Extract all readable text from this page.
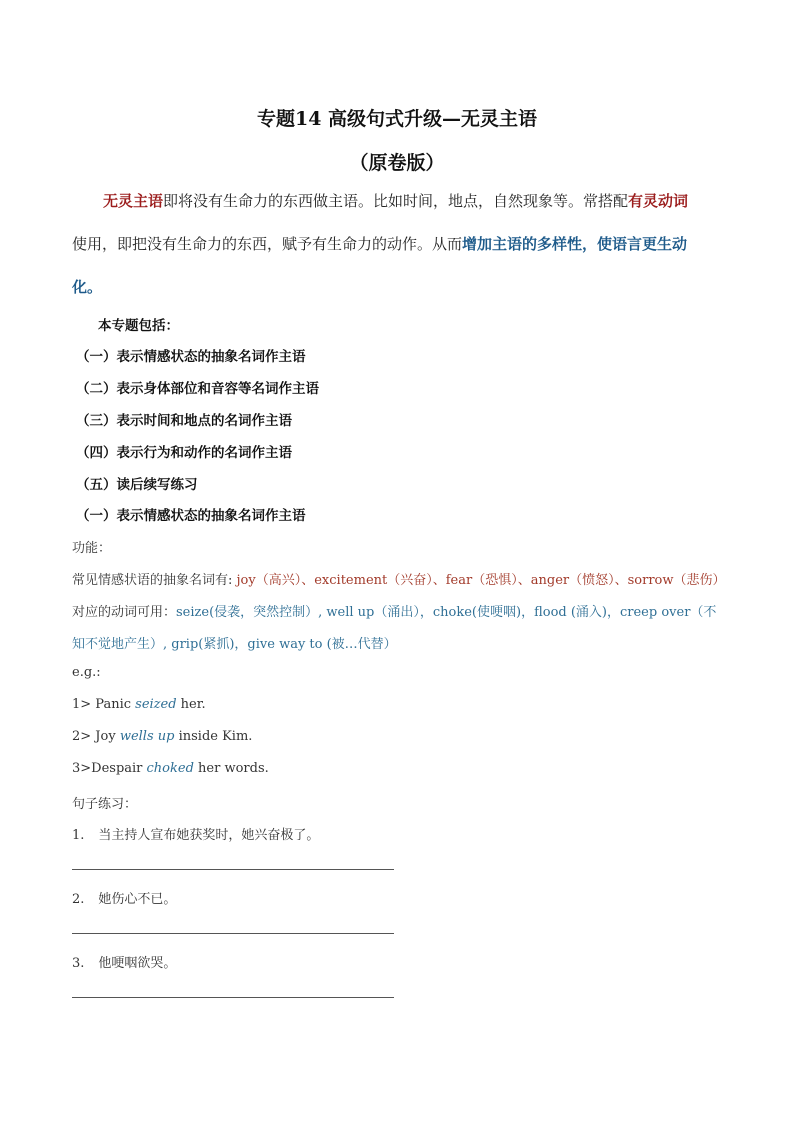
专题14 高级句式升级—无灵主语
（原卷版）
无灵主语即将没有生命力的东西做主语。比如时间，地点，自然现象等。常搭配有灵动词
使用，即把没有生命力的东西，赋予有生命力的动作。从而增加主语的多样性，使语言更生动
化。
本专题包括：
（一）表示情感状态的抽象名词作主语
（二）表示身体部位和音容等名词作主语
（三）表示时间和地点的名词作主语
（四）表示行为和动作的名词作主语
（五）读后续写练习
（一）表示情感状态的抽象名词作主语
功能：
常见情感状语的抽象名词有: joy（高兴）、excitement（兴奋）、fear（恐惧）、anger（愤怒）、sorrow（悲伤）
对应的动词可用：seize(侵袭，突然控制）, well up（涌出），choke(使哽咽)，flood (涌入)，creep over（不
知不觉地产生）, grip(紧抓)，give way to (被…代替）
e.g.:
1> Panic seized her.
2> Joy wells up inside Kim.
3>Despair choked her words.
句子练习：
1. 当主持人宣布她获奖时，她兴奋极了。
2. 她伤心不已。
3. 他哽咽欲哭。
